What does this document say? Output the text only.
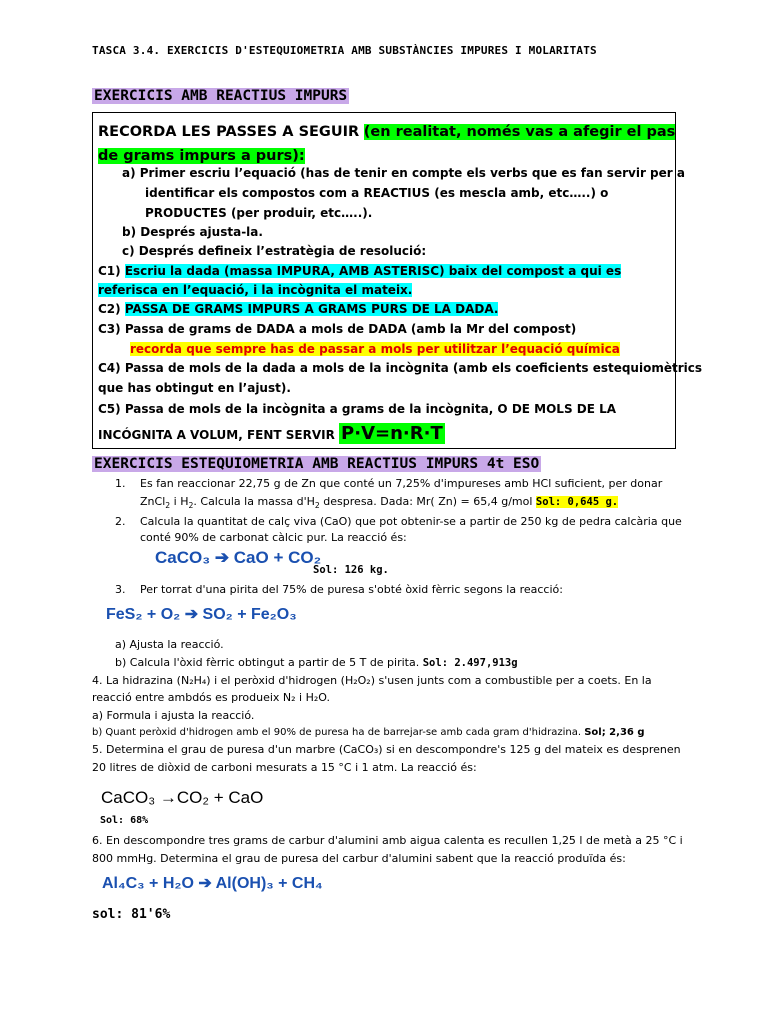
TASCA 3.4. EXERCICIS D'ESTEQUIOMETRIA AMB SUBSTÀNCIES IMPURES I MOLARITATS
EXERCICIS AMB REACTIUS IMPURS
RECORDA LES PASSES A SEGUIR (en realitat, només vas a afegir el pas
de grams impurs a purs):
a) Primer escriu l’equació (has de tenir en compte els verbs que es fan servir per a
identificar els compostos com a REACTIUS (es mescla amb, etc…..) o
PRODUCTES (per produir, etc…..).
b) Després ajusta-la.
c) Després defineix l’estratègia de resolució:
C1) Escriu la dada (massa IMPURA, AMB ASTERISC) baix del compost a qui es
referisca en l’equació, i la incògnita el mateix.
C2) PASSA DE GRAMS IMPURS A GRAMS PURS DE LA DADA.
C3) Passa de grams de DADA a mols de DADA (amb la Mr del compost)
recorda que sempre has de passar a mols per utilitzar l’equació química
C4) Passa de mols de la dada a mols de la incògnita (amb els coeficients estequiomètrics
que has obtingut en l’ajust).
C5) Passa de mols de la incògnita a grams de la incògnita, O DE MOLS DE LA
INCÓGNITA A VOLUM, FENT SERVIR P·V=n·R·T
EXERCICIS ESTEQUIOMETRIA AMB REACTIUS IMPURS 4t ESO
1. Es fan reaccionar 22,75 g de Zn que conté un 7,25% d'impureses amb HCl suficient, per donar
ZnCl$_2$ i $H_2$. Calcula la massa $d'H_2$ despresa. Dada: Mr( Zn) = 65,4 g/mol Sol: 0,645 g.
2. Calcula la quantitat de calç viva (CaO) que pot obtenir-se a partir de 250 kg de pedra calcària que
conté 90% de carbonat càlcic pur. La reacció és:
CaCO₃ ➔ CaO + CO₂
Sol: 126 kg.
3. Per torrat d'una pirita del 75% de puresa s'obté òxid fèrric segons la reacció:
FeS₂ + O₂ ➔ SO₂ + Fe₂O₃
a) Ajusta la reacció.
b) Calcula l'òxid fèrric obtingut a partir de 5 T de pirita. Sol: 2.497,913g
4. La hidrazina (N₂H₄) i el peròxid d'hidrogen (H₂O₂) s'usen junts com a combustible per a coets. En la
reacció entre ambdós es produeix N₂ i H₂O.
a) Formula i ajusta la reacció.
b) Quant peròxid d'hidrogen amb el 90% de puresa ha de barrejar-se amb cada gram d'hidrazina. Sol; 2,36 g
5. Determina el grau de puresa d'un marbre (CaCO₃) si en descompondre's 125 g del mateix es desprenen
20 litres de diòxid de carboni mesurats a 15 °C i 1 atm. La reacció és:
CaCO₃ →CO₂ + CaO
Sol: 68%
6. En descompondre tres grams de carbur d'alumini amb aigua calenta es recullen 1,25 l de metà a 25 °C i
800 mmHg. Determina el grau de puresa del carbur d'alumini sabent que la reacció produïda és:
Al₄C₃ + H₂O ➔ Al(OH)₃ + CH₄
sol: 81'6%
